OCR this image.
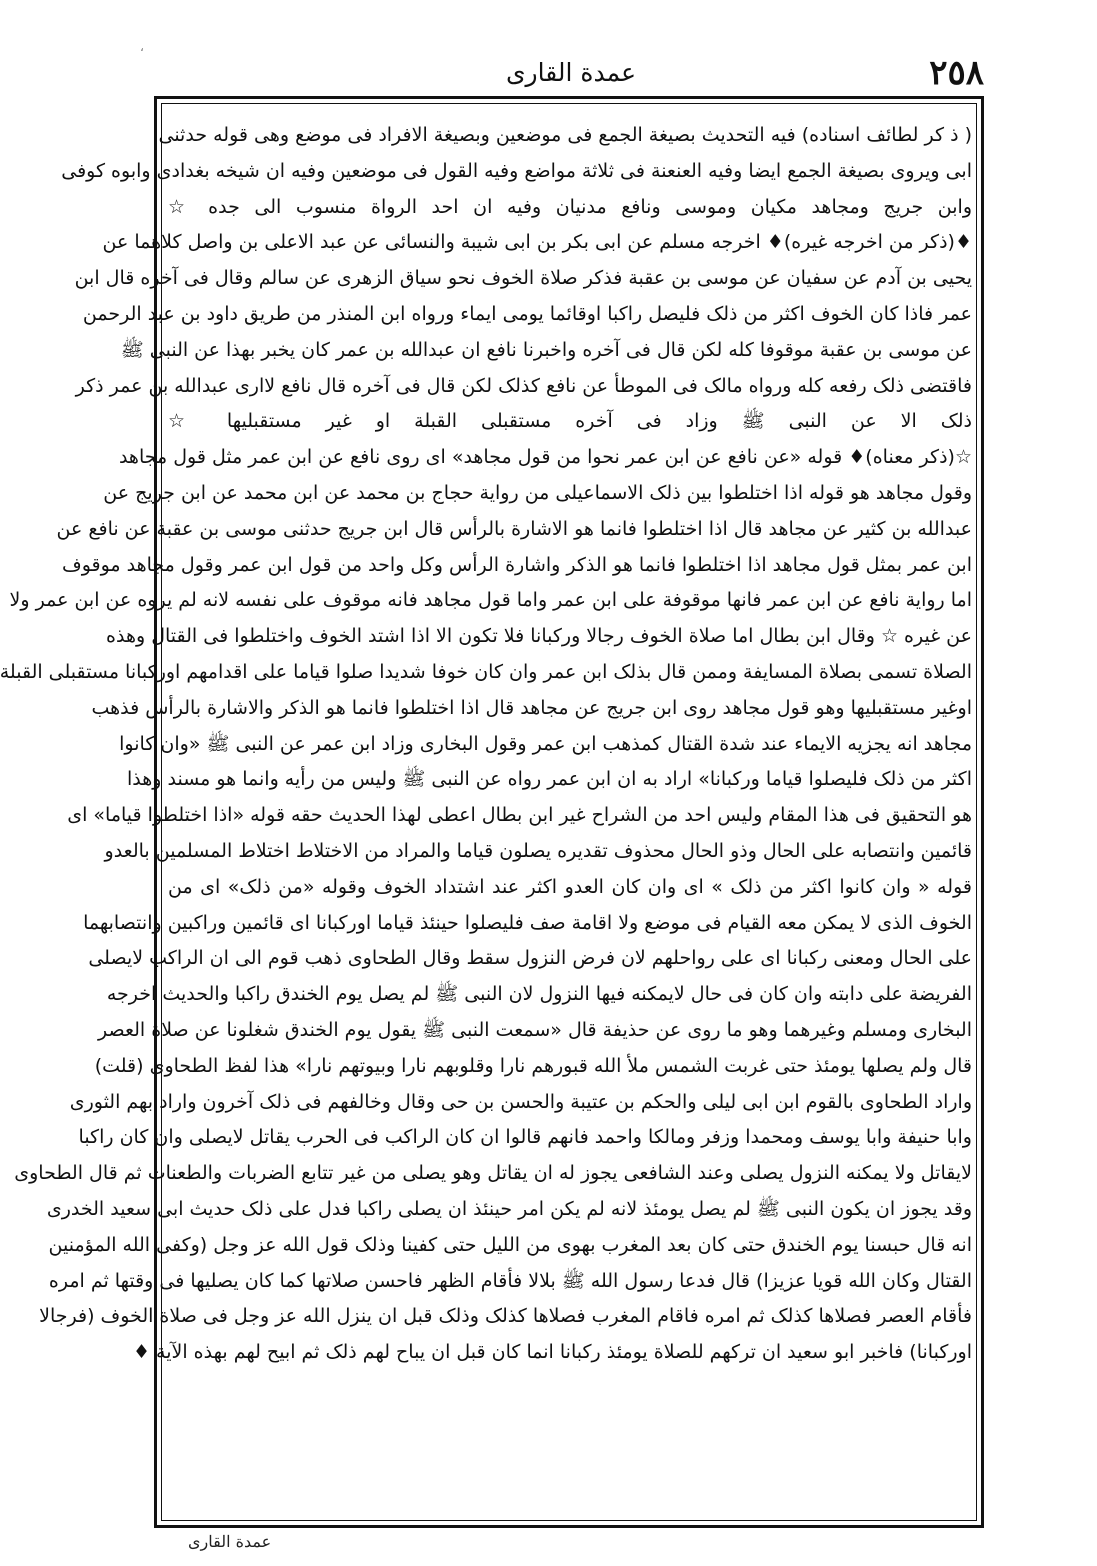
،
٢٥٨
عمدة القاری
( ذ کر لطائف اسناده) فیه التحدیث بصیغة الجمع فی موضعین وبصیغة الافراد فی موضع وهی قوله حدثنی
ابی ویروی بصیغة الجمع ایضا وفیه العنعنة فی ثلاثة مواضع وفیه القول فی موضعین وفیه ان شیخه بغدادی وابوه کوفی
وابن جریج ومجاهد مکیان وموسی ونافع مدنیان وفیه ان احد الرواة منسوب الی جده ☆
♦(ذکر من اخرجه غیره)♦ اخرجه مسلم عن ابی بکر بن ابی شیبة والنسائی عن عبد الاعلی بن واصل کلاهما عن
یحیی بن آدم عن سفیان عن موسی بن عقبة فذکر صلاة الخوف نحو سیاق الزهری عن سالم وقال فی آخره قال ابن
عمر فاذا کان الخوف اکثر من ذلک فلیصل راکبا اوقائما یومی ایماء ورواه ابن المنذر من طریق داود بن عبد الرحمن
عن موسی بن عقبة موقوفا کله لکن قال فی آخره واخبرنا نافع ان عبدالله بن عمر کان یخبر بهذا عن النبی ﷺ
فاقتضی ذلک رفعه کله ورواه مالک فی الموطأ عن نافع کذلک لکن قال فی آخره قال نافع لااری عبدالله بن عمر ذکر
ذلک الا عن النبی ﷺ وزاد فی آخره مستقبلی القبلة او غیر مستقبلیها ☆
☆(ذکر معناه)♦ قوله «عن نافع عن ابن عمر نحوا من قول مجاهد» ای روی نافع عن ابن عمر مثل قول مجاهد
وقول مجاهد هو قوله اذا اختلطوا بین ذلک الاسماعیلی من روایة حجاج بن محمد عن ابن محمد عن ابن جریج عن
عبدالله بن کثیر عن مجاهد قال اذا اختلطوا فانما هو الاشارة بالرأس قال ابن جریج حدثنی موسی بن عقبة عن نافع عن
ابن عمر بمثل قول مجاهد اذا اختلطوا فانما هو الذکر واشارة الرأس وکل واحد من قول ابن عمر وقول مجاهد موقوف
اما روایة نافع عن ابن عمر فانها موقوفة علی ابن عمر واما قول مجاهد فانه موقوف علی نفسه لانه لم یروه عن ابن عمر ولا
عن غیره ☆ وقال ابن بطال اما صلاة الخوف رجالا ورکبانا فلا تکون الا اذا اشتد الخوف واختلطوا فی القتال وهذه
الصلاة تسمی بصلاة المسایفة وممن قال بذلک ابن عمر وان کان خوفا شدیدا صلوا قیاما علی اقدامهم اورکبانا مستقبلی القبلة
اوغیر مستقبلیها وهو قول مجاهد روی ابن جریج عن مجاهد قال اذا اختلطوا فانما هو الذکر والاشارة بالرأس فذهب
مجاهد انه یجزیه الایماء عند شدة القتال کمذهب ابن عمر وقول البخاری وزاد ابن عمر عن النبی ﷺ «وان کانوا
اکثر من ذلک فلیصلوا قیاما ورکبانا» اراد به ان ابن عمر رواه عن النبی ﷺ ولیس من رأیه وانما هو مسند وهذا
هو التحقیق فی هذا المقام ولیس احد من الشراح غیر ابن بطال اعطی لهذا الحدیث حقه قوله «اذا اختلطوا قیاما» ای
قائمین وانتصابه علی الحال وذو الحال محذوف تقدیره یصلون قیاما والمراد من الاختلاط اختلاط المسلمین بالعدو
قوله « وان کانوا اکثر من ذلک » ای وان کان العدو اکثر عند اشتداد الخوف وقوله «من ذلک» ای من
الخوف الذی لا یمکن معه القیام فی موضع ولا اقامة صف فلیصلوا حینئذ قیاما اورکبانا ای قائمین وراکبین وانتصابهما
علی الحال ومعنی رکبانا ای علی رواحلهم لان فرض النزول سقط وقال الطحاوی ذهب قوم الی ان الراکب لایصلی
الفریضة علی دابته وان کان فی حال لایمکنه فیها النزول لان النبی ﷺ لم یصل یوم الخندق راکبا والحدیث اخرجه
البخاری ومسلم وغیرهما وهو ما روی عن حذیفة قال «سمعت النبی ﷺ یقول یوم الخندق شغلونا عن صلاة العصر
قال ولم یصلها یومئذ حتی غربت الشمس ملأ الله قبورهم نارا وقلوبهم نارا وبیوتهم نارا» هذا لفظ الطحاوی (قلت)
واراد الطحاوی بالقوم ابن ابی لیلی والحکم بن عتیبة والحسن بن حی وقال وخالفهم فی ذلک آخرون واراد بهم الثوری
وابا حنیفة وابا یوسف ومحمدا وزفر ومالکا واحمد فانهم قالوا ان کان الراکب فی الحرب یقاتل لایصلی وان کان راکبا
لایقاتل ولا یمکنه النزول یصلی وعند الشافعی یجوز له ان یقاتل وهو یصلی من غیر تتابع الضربات والطعنات ثم قال الطحاوی
وقد یجوز ان یکون النبی ﷺ لم یصل یومئذ لانه لم یکن امر حینئذ ان یصلی راکبا فدل علی ذلک حدیث ابی سعید الخدری
انه قال حبسنا یوم الخندق حتی کان بعد المغرب بهوی من اللیل حتی کفینا وذلک قول الله عز وجل (وکفی الله المؤمنین
القتال وکان الله قویا عزیزا) قال فدعا رسول الله ﷺ بلالا فأقام الظهر فاحسن صلاتها کما کان یصلیها فی وقتها ثم امره
فأقام العصر فصلاها کذلک ثم امره فاقام المغرب فصلاها کذلک وذلک قبل ان ینزل الله عز وجل فی صلاة الخوف (فرجالا
اورکبانا) فاخبر ابو سعید ان ترکهم للصلاة یومئذ رکبانا انما کان قبل ان یباح لهم ذلک ثم ابیح لهم بهذه الآیة ♦
عمدة القاری
